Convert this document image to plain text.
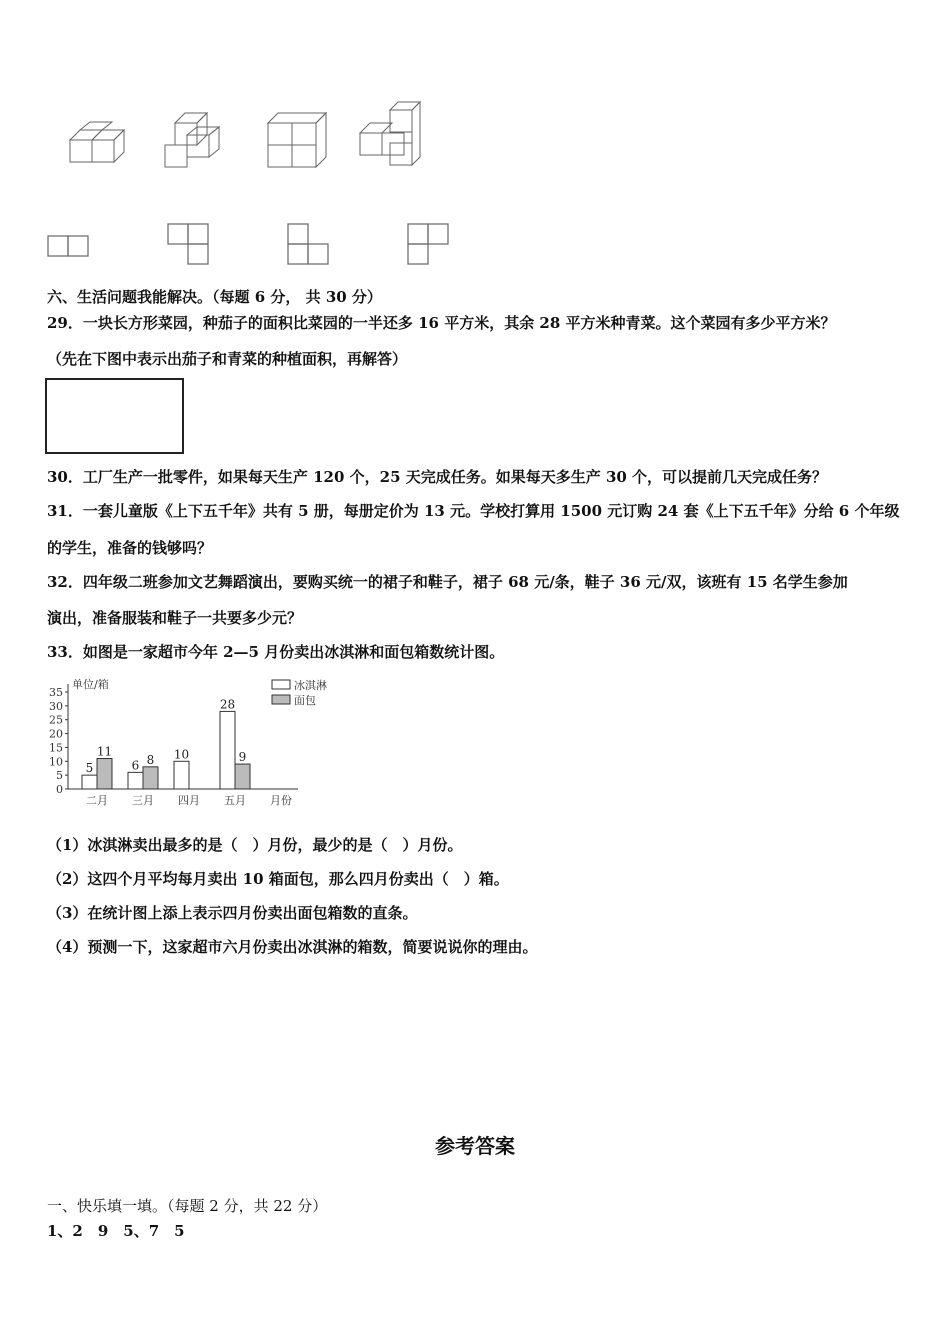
六、生活问题我能解决。（每题 6 分， 共 30 分）
29．一块长方形菜园，种茄子的面积比菜园的一半还多 16 平方米，其余 28 平方米种青菜。这个菜园有多少平方米？
（先在下图中表示出茄子和青菜的种植面积，再解答）
30．工厂生产一批零件，如果每天生产 120 个，25 天完成任务。如果每天多生产 30 个，可以提前几天完成任务？
31．一套儿童版《上下五千年》共有 5 册，每册定价为 13 元。学校打算用 1500 元订购 24 套《上下五千年》分给 6 个年级
的学生，准备的钱够吗？
32．四年级二班参加文艺舞蹈演出，要购买统一的裙子和鞋子，裙子 68 元/条，鞋子 36 元/双，该班有 15 名学生参加
演出，准备服装和鞋子一共要多少元？
33．如图是一家超市今年 2—5 月份卖出冰淇淋和面包箱数统计图。
0
5
10
15
20
25
30
35
单位/箱
月份
二月
5
11
三月
6 8
四月
10
五月
28
9
冰淇淋
面包
（1）冰淇淋卖出最多的是（　）月份，最少的是（　）月份。
（2）这四个月平均每月卖出 10 箱面包，那么四月份卖出（　）箱。
（3）在统计图上添上表示四月份卖出面包箱数的直条。
（4）预测一下，这家超市六月份卖出冰淇淋的箱数，简要说说你的理由。
参考答案
一、快乐填一填。（每题 2 分，共 22 分）
1、2　9　5、7　5
